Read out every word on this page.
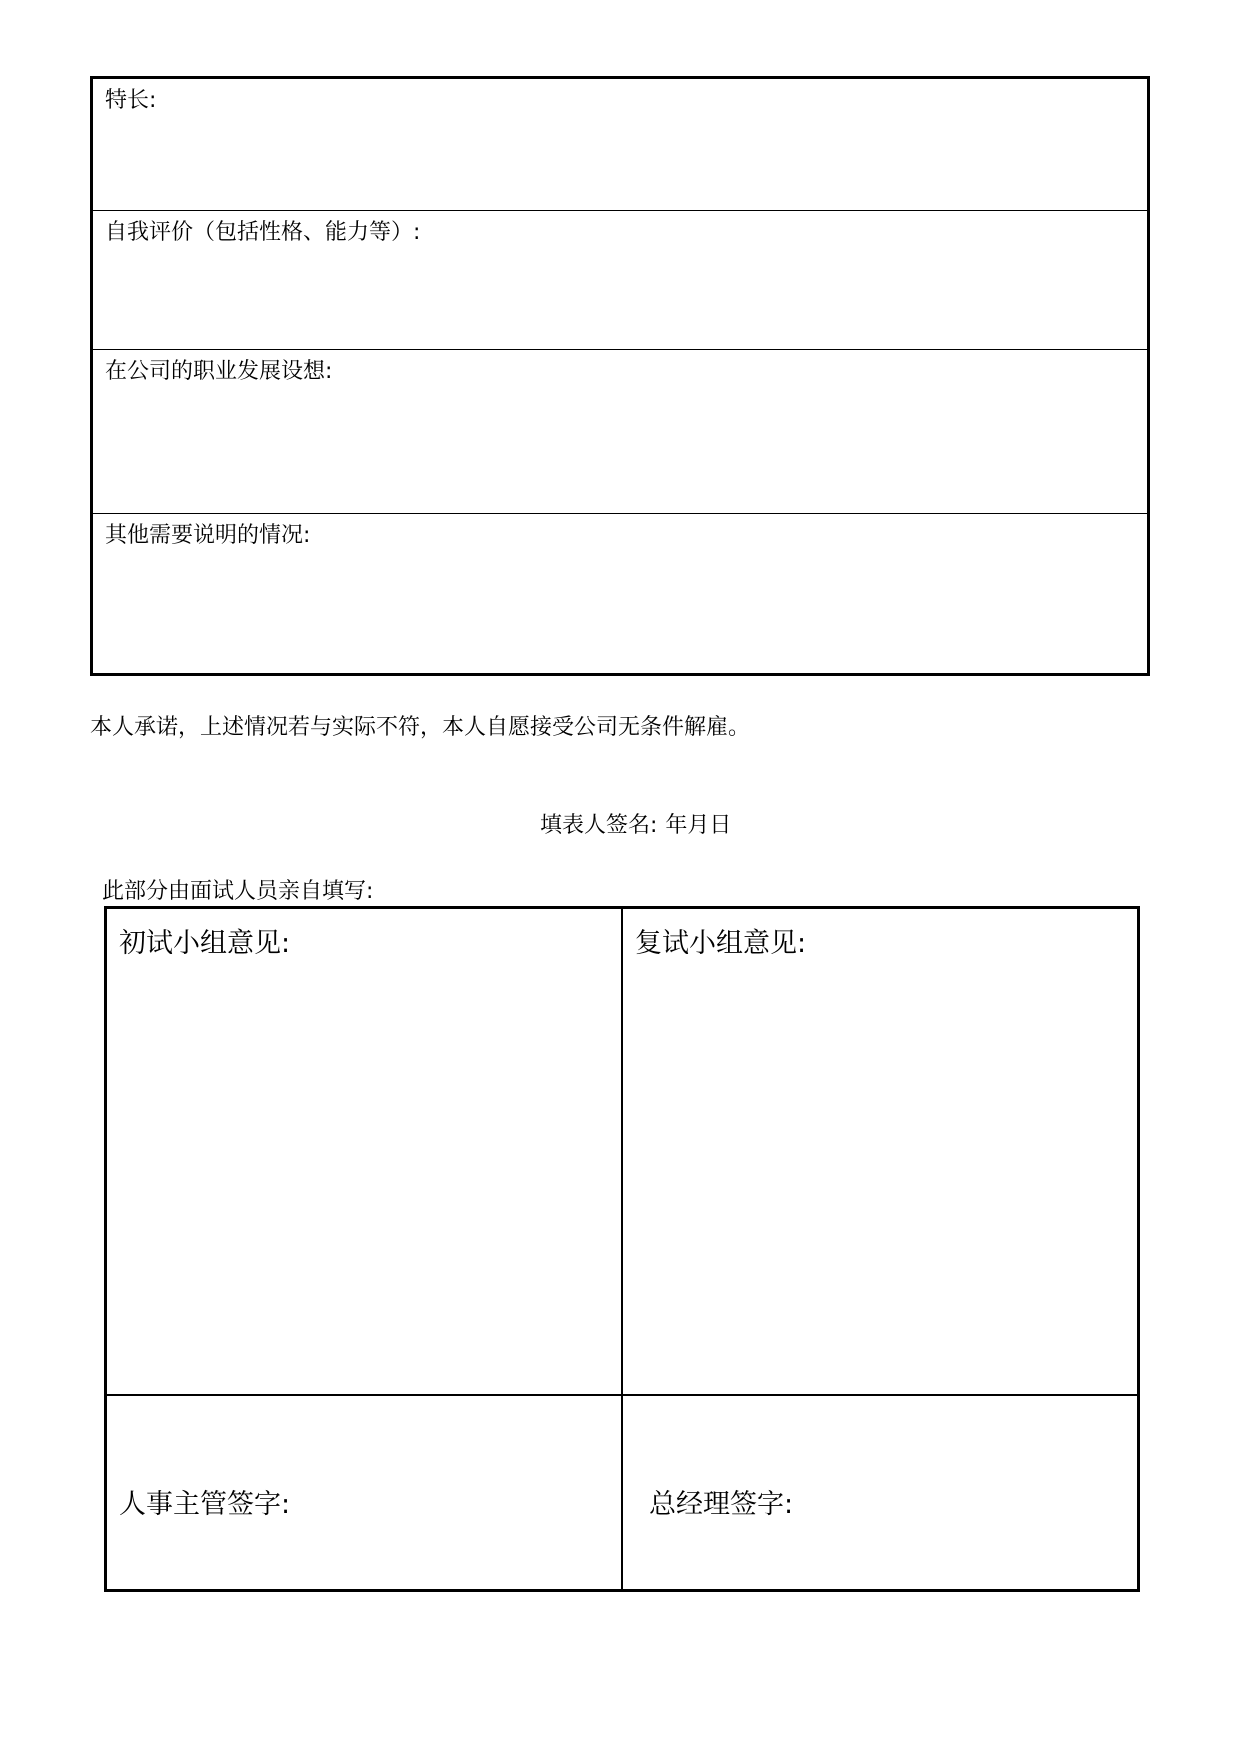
特长:
自我评价（包括性格、能力等）:
在公司的职业发展设想:
其他需要说明的情况:
本人承诺，上述情况若与实际不符，本人自愿接受公司无条件解雇。
填表人签名: 年月日
此部分由面试人员亲自填写:
初试小组意见:	复试小组意见:
人事主管签字:	总经理签字:
